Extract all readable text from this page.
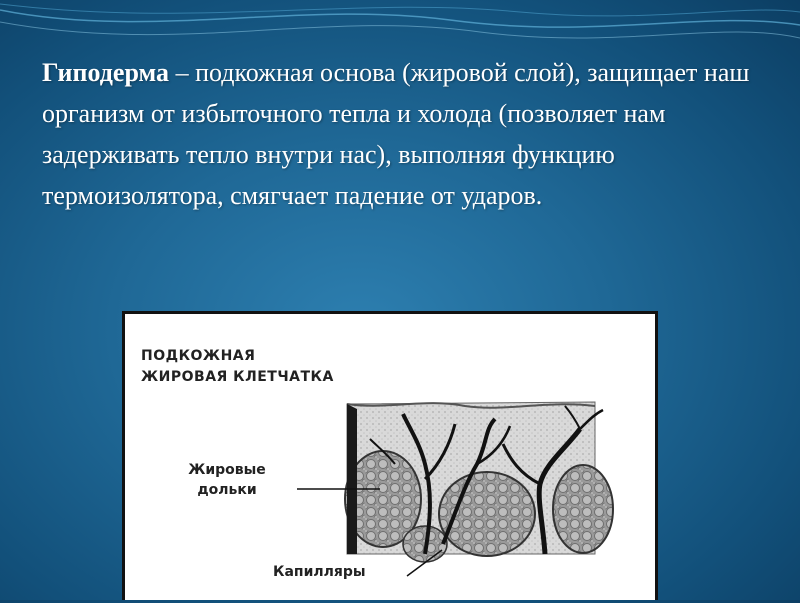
Гиподерма – подкожная основа (жировой слой), защищает наш организм от избыточного тепла и холода (позволяет нам задерживать тепло внутри нас), выполняя функцию термоизолятора, смягчает падение от ударов.
ПОДКОЖНАЯ
ЖИРОВАЯ КЛЕТЧАТКА
Жировые
дольки
Капилляры
